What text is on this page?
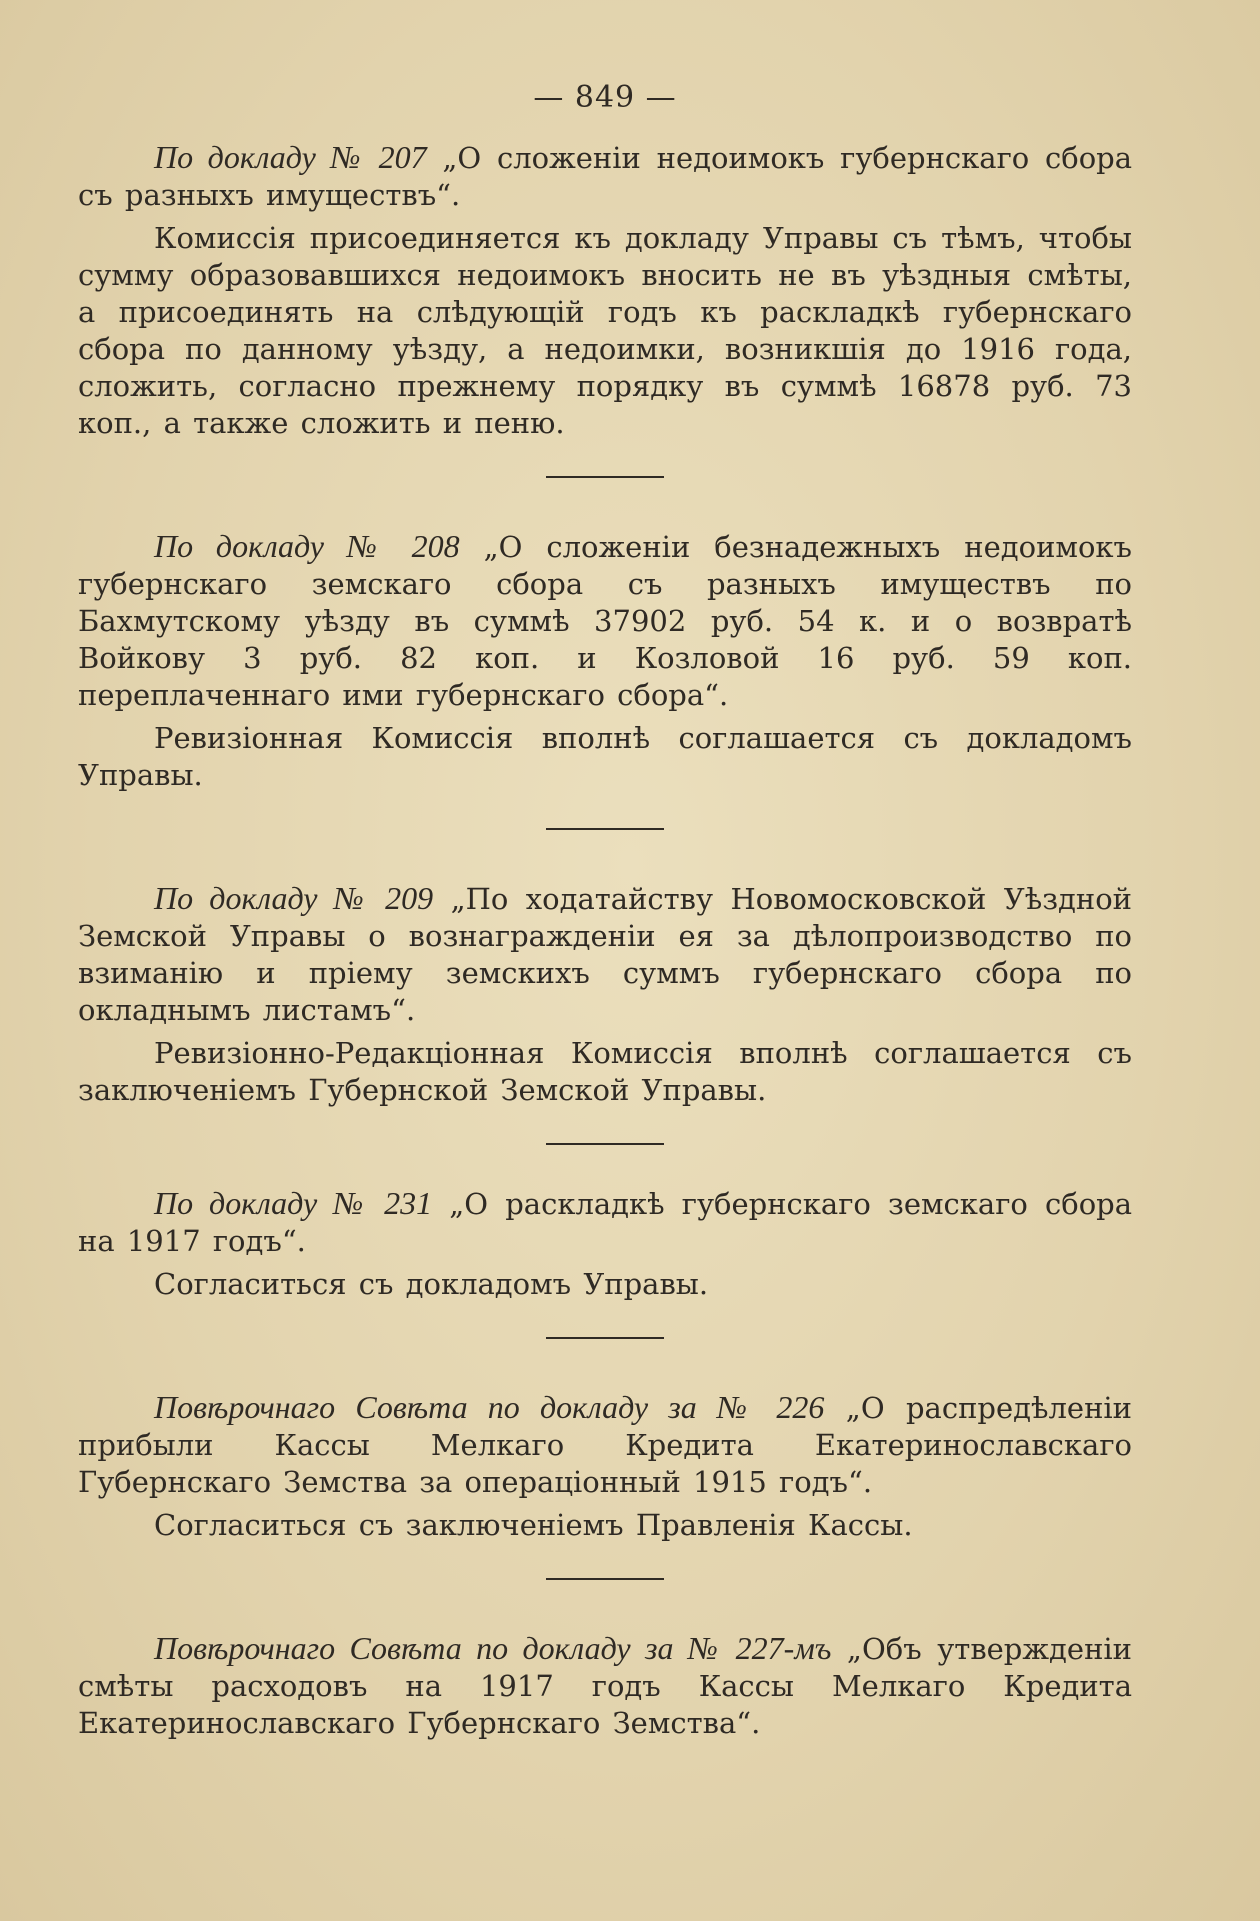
— 849 —

По докладу № 207 „О сложенiи недоимокъ губернскаго сбора съ разныхъ имуществъ“.

Комиссiя присоединяется къ докладу Управы съ тѣмъ, чтобы сумму образовавшихся недоимокъ вносить не въ уѣздныя смѣты, а присоединять на слѣдующiй годъ къ раскладкѣ губернскаго сбора по данному уѣзду, а недоимки, возникшiя до 1916 года, сложить, согласно прежнему порядку въ суммѣ 16878 руб. 73 коп., а также сложить и пеню.

По докладу № 208 „О сложенiи безнадежныхъ недоимокъ губернскаго земскаго сбора съ разныхъ имуществъ по Бахмутскому уѣзду въ суммѣ 37902 руб. 54 к. и о возвратѣ Войкову 3 руб. 82 коп. и Козловой 16 руб. 59 коп. переплаченнаго ими губернскаго сбора“.

Ревизiонная Комиссiя вполнѣ соглашается съ докладомъ Управы.

По докладу № 209 „По ходатайству Новомосковской Уѣздной Земской Управы о вознагражденiи ея за дѣлопроизводство по взиманiю и прiему земскихъ суммъ губернскаго сбора по окладнымъ листамъ“.

Ревизiонно-Редакцiонная Комиссiя вполнѣ соглашается съ заключенiемъ Губернской Земской Управы.

По докладу № 231 „О раскладкѣ губернскаго земскаго сбора на 1917 годъ“.

Согласиться съ докладомъ Управы.

Повѣрочнаго Совѣта по докладу за № 226 „О распредѣленiи прибыли Кассы Мелкаго Кредита Екатеринославскаго Губернскаго Земства за операцiонный 1915 годъ“.

Согласиться съ заключенiемъ Правленiя Кассы.

Повѣрочнаго Совѣта по докладу за № 227-мъ „Объ утвержденiи смѣты расходовъ на 1917 годъ Кассы Мелкаго Кредита Екатеринославскаго Губернскаго Земства“.
